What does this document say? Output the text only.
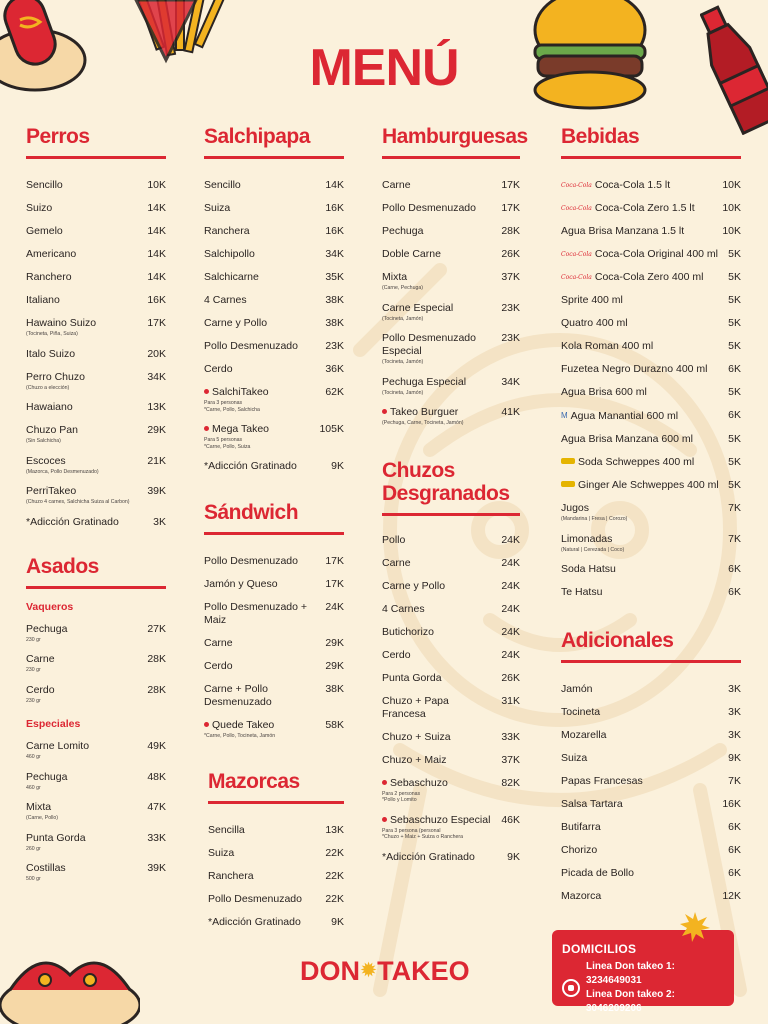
MENÚ
Perros
Sencillo	10K
Suizo	14K
Gemelo	14K
Americano	14K
Ranchero	14K
Italiano	16K
Hawaino Suizo
(Tocineta, Piña, Suiza)
17K
Italo Suizo	20K
Perro Chuzo
(Chuzo a elección)
34K
Hawaiano	13K
Chuzo Pan
(Sin Salchicha)
29K
Escoces
(Mazorca, Pollo Desmenuzado)
21K
PerriTakeo
(Chuzo 4 carnes, Salchicha Suiza al Carbon)
39K
*Adicción Gratinado	3K
Asados
Vaqueros
Pechuga
230 gr
27K
Carne
230 gr
28K
Cerdo
230 gr
28K
Especiales
Carne Lomito
460 gr
49K
Pechuga
460 gr
48K
Mixta
(Carne, Pollo)
47K
Punta Gorda
260 gr
33K
Costillas
500 gr
39K
Salchipapa
Sencillo	14K
Suiza	16K
Ranchera	16K
Salchipollo	34K
Salchicarne	35K
4 Carnes	38K
Carne y Pollo	38K
Pollo Desmenuzado	23K
Cerdo	36K
SalchiTakeo
Para 3 personas
*Carne, Pollo, Salchicha
62K
Mega Takeo
Para 5 personas
*Carne, Pollo, Suiza
105K
*Adicción Gratinado	9K
Sándwich
Pollo Desmenuzado	17K
Jamón y Queso	17K
Pollo Desmenuzado + Maiz
24K
Carne	29K
Cerdo	29K
Carne + Pollo Desmenuzado
38K
Quede Takeo
*Carne, Pollo, Tocineta, Jamón
58K
Mazorcas
Sencilla	13K
Suiza	22K
Ranchera	22K
Pollo Desmenuzado	22K
*Adicción Gratinado	9K
Hamburguesas
Carne	17K
Pollo Desmenuzado	17K
Pechuga	28K
Doble Carne	26K
Mixta
(Carne, Pechuga)
37K
Carne Especial
(Tocineta, Jamón)
23K
Pollo Desmenuzado Especial
(Tocineta, Jamón)
23K
Pechuga Especial
(Tocineta, Jamón)
34K
Takeo Burguer
(Pechuga, Carne, Tocineta, Jamón)
41K
Chuzos
Desgranados
Pollo	24K
Carne	24K
Carne y Pollo	24K
4 Carnes	24K
Butichorizo	24K
Cerdo	24K
Punta Gorda	26K
Chuzo + Papa Francesa
31K
Chuzo + Suiza	33K
Chuzo + Maiz	37K
Sebaschuzo
Para 2 personas
*Pollo y Lomito
82K
Sebaschuzo Especial
Para 3 persona (personal
*Chuzo + Maiz + Suiza o Ranchera
46K
*Adicción Gratinado	9K
Bebidas
Coca-Cola Coca-Cola 1.5 lt	10K
Coca-Cola Coca-Cola Zero 1.5 lt	10K
Agua Brisa Manzana 1.5 lt	10K
Coca-Cola Coca-Cola Original 400 ml 5K
Coca-Cola Coca-Cola Zero 400 ml	5K
Sprite 400 ml	5K
Quatro 400 ml	5K
Kola Roman 400 ml	5K
Fuzetea Negro Durazno 400 ml	6K
Agua Brisa 600 ml	5K
M Agua Manantial 600 ml	6K
Agua Brisa Manzana 600 ml	5K
Soda Schweppes 400 ml	5K
Ginger Ale Schweppes 400 ml 5K
Jugos
(Mandarina | Fresa | Corozo)
7K
Limonadas
(Natural | Cerezada | Coco)
7K
Soda Hatsu	6K
Te Hatsu	6K
Adicionales
Jamón	3K
Tocineta	3K
Mozarella	3K
Suiza	9K
Papas Francesas	7K
Salsa Tartara	16K
Butifarra	6K
Chorizo	6K
Picada de Bollo	6K
Mazorca	12K
DON✹TAKEO
DOMICILIOS
Linea Don takeo 1: 3234649031
Linea Don takeo 2: 3046209206
